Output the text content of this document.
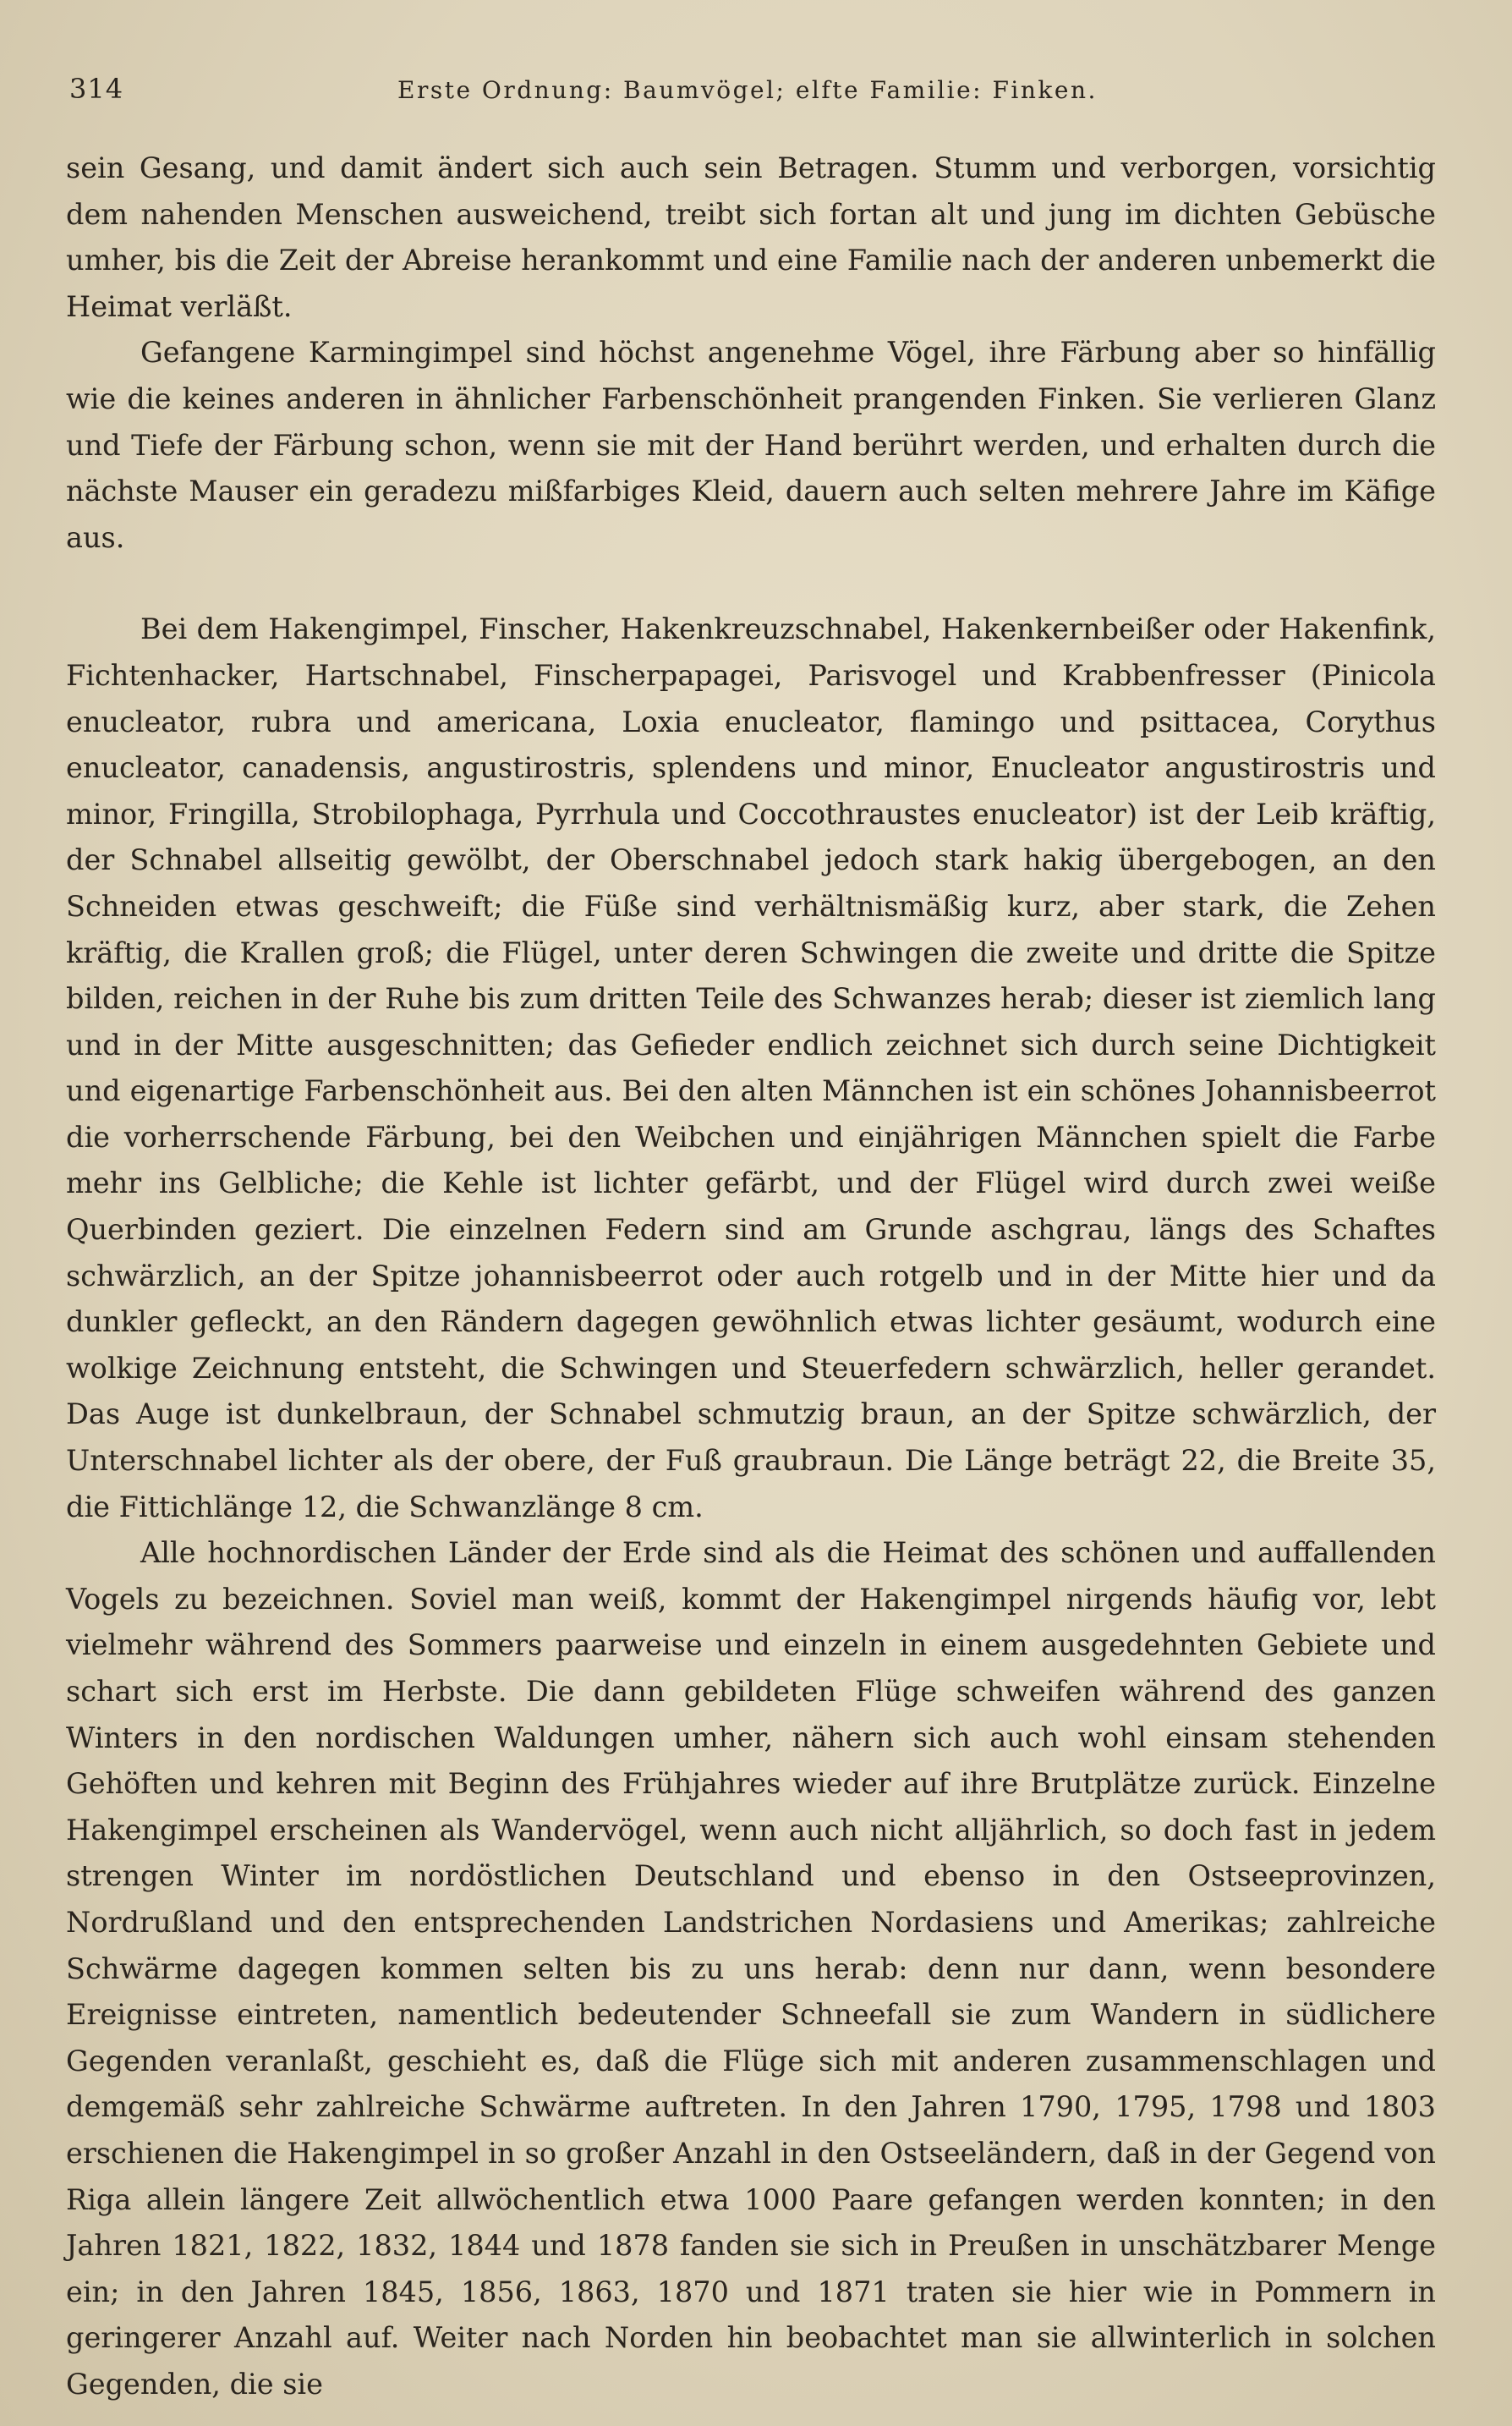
314	Erste Ordnung: Baumvögel; elfte Familie: Finken.

sein Gesang, und damit ändert sich auch sein Betragen. Stumm und verborgen, vorsichtig dem nahenden Menschen ausweichend, treibt sich fortan alt und jung im dichten Gebüsche umher, bis die Zeit der Abreise herankommt und eine Familie nach der anderen unbemerkt die Heimat verläßt.

Gefangene Karmingimpel sind höchst angenehme Vögel, ihre Färbung aber so hinfällig wie die keines anderen in ähnlicher Farbenschönheit prangenden Finken. Sie verlieren Glanz und Tiefe der Färbung schon, wenn sie mit der Hand berührt werden, und erhalten durch die nächste Mauser ein geradezu mißfarbiges Kleid, dauern auch selten mehrere Jahre im Käfige aus.

Bei dem Hakengimpel, Finscher, Hakenkreuzschnabel, Hakenkernbeißer oder Hakenfink, Fichtenhacker, Hartschnabel, Finscherpapagei, Parisvogel und Krabbenfresser (Pinicola enucleator, rubra und americana, Loxia enucleator, flamingo und psittacea, Corythus enucleator, canadensis, angustirostris, splendens und minor, Enucleator angustirostris und minor, Fringilla, Strobilophaga, Pyrrhula und Coccothraustes enucleator) ist der Leib kräftig, der Schnabel allseitig gewölbt, der Oberschnabel jedoch stark hakig übergebogen, an den Schneiden etwas geschweift; die Füße sind verhältnismäßig kurz, aber stark, die Zehen kräftig, die Krallen groß; die Flügel, unter deren Schwingen die zweite und dritte die Spitze bilden, reichen in der Ruhe bis zum dritten Teile des Schwanzes herab; dieser ist ziemlich lang und in der Mitte ausgeschnitten; das Gefieder endlich zeichnet sich durch seine Dichtigkeit und eigenartige Farbenschönheit aus. Bei den alten Männchen ist ein schönes Johannisbeerrot die vorherrschende Färbung, bei den Weibchen und einjährigen Männchen spielt die Farbe mehr ins Gelbliche; die Kehle ist lichter gefärbt, und der Flügel wird durch zwei weiße Querbinden geziert. Die einzelnen Federn sind am Grunde aschgrau, längs des Schaftes schwärzlich, an der Spitze johannisbeerrot oder auch rotgelb und in der Mitte hier und da dunkler gefleckt, an den Rändern dagegen gewöhnlich etwas lichter gesäumt, wodurch eine wolkige Zeichnung entsteht, die Schwingen und Steuerfedern schwärzlich, heller gerandet. Das Auge ist dunkelbraun, der Schnabel schmutzig braun, an der Spitze schwärzlich, der Unterschnabel lichter als der obere, der Fuß graubraun. Die Länge beträgt 22, die Breite 35, die Fittichlänge 12, die Schwanzlänge 8 cm.

Alle hochnordischen Länder der Erde sind als die Heimat des schönen und auffallenden Vogels zu bezeichnen. Soviel man weiß, kommt der Hakengimpel nirgends häufig vor, lebt vielmehr während des Sommers paarweise und einzeln in einem ausgedehnten Gebiete und schart sich erst im Herbste. Die dann gebildeten Flüge schweifen während des ganzen Winters in den nordischen Waldungen umher, nähern sich auch wohl einsam stehenden Gehöften und kehren mit Beginn des Frühjahres wieder auf ihre Brutplätze zurück. Einzelne Hakengimpel erscheinen als Wandervögel, wenn auch nicht alljährlich, so doch fast in jedem strengen Winter im nordöstlichen Deutschland und ebenso in den Ostseeprovinzen, Nordrußland und den entsprechenden Landstrichen Nordasiens und Amerikas; zahlreiche Schwärme dagegen kommen selten bis zu uns herab: denn nur dann, wenn besondere Ereignisse eintreten, namentlich bedeutender Schneefall sie zum Wandern in südlichere Gegenden veranlaßt, geschieht es, daß die Flüge sich mit anderen zusammenschlagen und demgemäß sehr zahlreiche Schwärme auftreten. In den Jahren 1790, 1795, 1798 und 1803 erschienen die Hakengimpel in so großer Anzahl in den Ostseeländern, daß in der Gegend von Riga allein längere Zeit allwöchentlich etwa 1000 Paare gefangen werden konnten; in den Jahren 1821, 1822, 1832, 1844 und 1878 fanden sie sich in Preußen in unschätzbarer Menge ein; in den Jahren 1845, 1856, 1863, 1870 und 1871 traten sie hier wie in Pommern in geringerer Anzahl auf. Weiter nach Norden hin beobachtet man sie allwinterlich in solchen Gegenden, die sie
